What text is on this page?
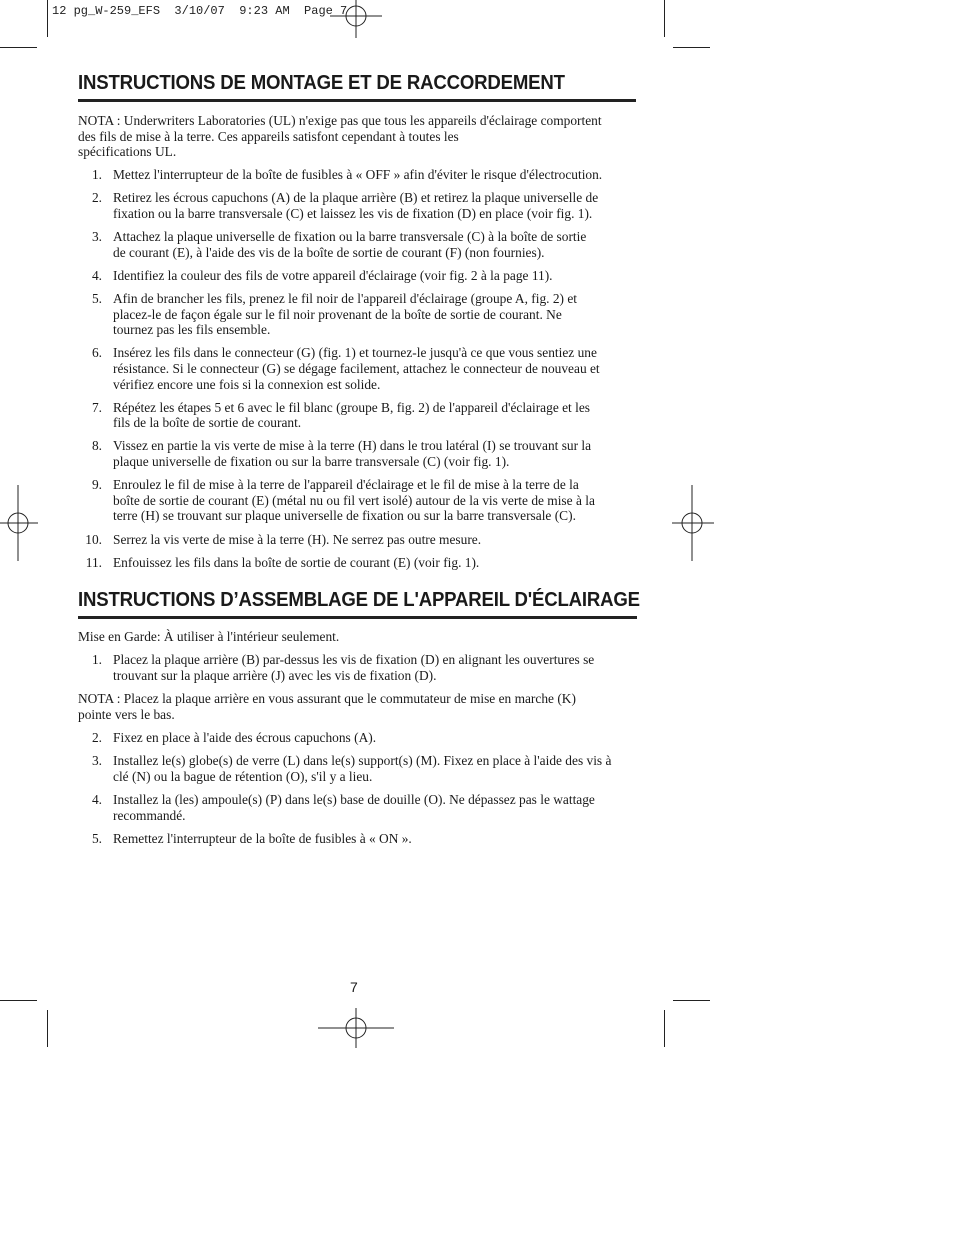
12 pg_W-259_EFS  3/10/07  9:23 AM  Page 7
INSTRUCTIONS DE MONTAGE ET DE RACCORDEMENT

NOTA : Underwriters Laboratories (UL) n'exige pas que tous les appareils d'éclairage comportent
des fils de mise à la terre. Ces appareils satisfont cependant à toutes les
spécifications UL.

1. Mettez l'interrupteur de la boîte de fusibles à « OFF » afin d'éviter le risque d'électrocution.
2. Retirez les écrous capuchons (A) de la plaque arrière (B) et retirez la plaque universelle de
fixation ou la barre transversale (C) et laissez les vis de fixation (D) en place (voir fig. 1).
3. Attachez la plaque universelle de fixation ou la barre transversale (C) à la boîte de sortie
de courant (E), à l'aide des vis de la boîte de sortie de courant (F) (non fournies).
4. Identifiez la couleur des fils de votre appareil d'éclairage (voir fig. 2 à la page 11).
5. Afin de brancher les fils, prenez le fil noir de l'appareil d'éclairage (groupe A, fig. 2) et
placez-le de façon égale sur le fil noir provenant de la boîte de sortie de courant. Ne
tournez pas les fils ensemble.
6. Insérez les fils dans le connecteur (G) (fig. 1) et tournez-le jusqu'à ce que vous sentiez une
résistance. Si le connecteur (G) se dégage facilement, attachez le connecteur de nouveau et
vérifiez encore une fois si la connexion est solide.
7. Répétez les étapes 5 et 6 avec le fil blanc (groupe B, fig. 2) de l'appareil d'éclairage et les
fils de la boîte de sortie de courant.
8. Vissez en partie la vis verte de mise à la terre (H) dans le trou latéral (I) se trouvant sur la
plaque universelle de fixation ou sur la barre transversale (C) (voir fig. 1).
9. Enroulez le fil de mise à la terre de l'appareil d'éclairage et le fil de mise à la terre de la
boîte de sortie de courant (E) (métal nu ou fil vert isolé) autour de la vis verte de mise à la
terre (H) se trouvant sur plaque universelle de fixation ou sur la barre transversale (C).
10. Serrez la vis verte de mise à la terre (H). Ne serrez pas outre mesure.
11. Enfouissez les fils dans la boîte de sortie de courant (E) (voir fig. 1).
INSTRUCTIONS D’ASSEMBLAGE DE L'APPAREIL D'ÉCLAIRAGE

Mise en Garde: À utiliser à l'intérieur seulement.

1. Placez la plaque arrière (B) par-dessus les vis de fixation (D) en alignant les ouvertures se
trouvant sur la plaque arrière (J) avec les vis de fixation (D).

NOTA : Placez la plaque arrière en vous assurant que le commutateur de mise en marche (K)
pointe vers le bas.

2. Fixez en place à l'aide des écrous capuchons (A).
3. Installez le(s) globe(s) de verre (L) dans le(s) support(s) (M). Fixez en place à l'aide des vis à
clé (N) ou la bague de rétention (O), s'il y a lieu.
4. Installez la (les) ampoule(s) (P) dans le(s) base de douille (O). Ne dépassez pas le wattage
recommandé.
5. Remettez l'interrupteur de la boîte de fusibles à « ON ».
7
